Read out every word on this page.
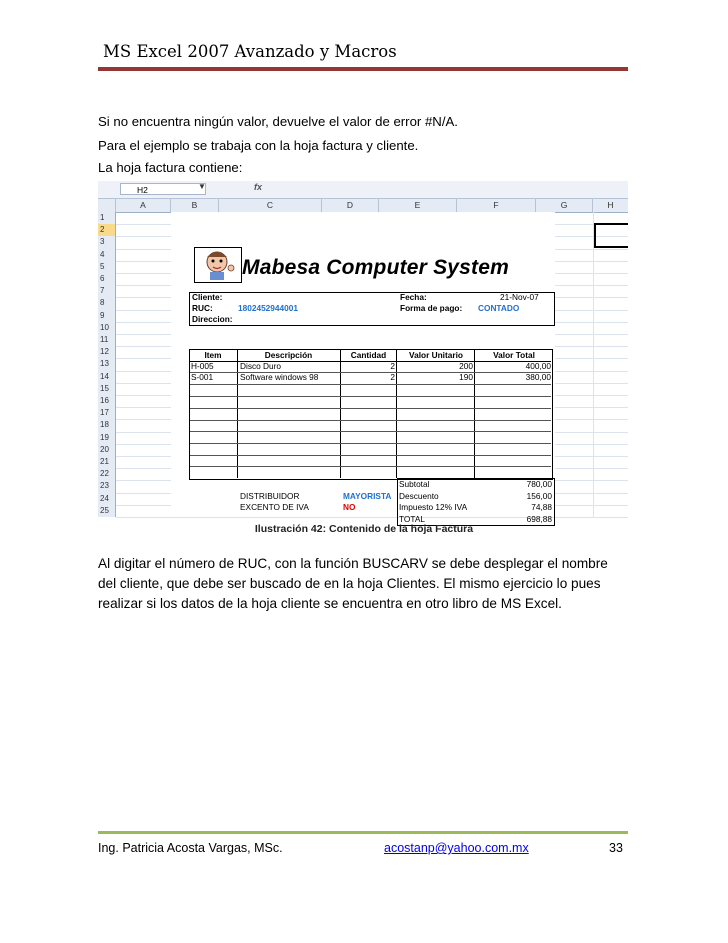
MS Excel 2007 Avanzado y Macros
Si no encuentra ningún valor, devuelve el valor de error #N/A.
Para el ejemplo se trabaja con la hoja factura y cliente.
La hoja factura contiene:
H2	▼	fx
A	B	C	D	E	F	G	H
1
2
3
4
5
6
7
8
9
10
11
12
13
14
15
16
17
18
19
20
21
22
23
24
25
Mabesa Computer System
Cliente:
RUC:	1802452944001
Direccion:
Fecha:	21-Nov-07
Forma de pago: CONTADO
Item	Descripción	Cantidad	Valor Unitario	Valor Total
H-005	Disco Duro	2	200	400,00
S-001	Software windows 98	2	190	380,00
Subtotal	780,00
Descuento	156,00
Impuesto 12% IVA	74,88
TOTAL	698,88
DISTRIBUIDOR	MAYORISTA
EXCENTO DE IVA	NO
Ilustración 42: Contenido de la hoja Factura
Al digitar el número de RUC, con la función BUSCARV se debe desplegar el nombre del cliente, que debe ser buscado de en la hoja Clientes. El mismo ejercicio lo pues realizar si los datos de la hoja cliente se encuentra en otro libro de MS Excel.
Ing. Patricia Acosta Vargas, MSc.	acostanp@yahoo.com.mx	33
